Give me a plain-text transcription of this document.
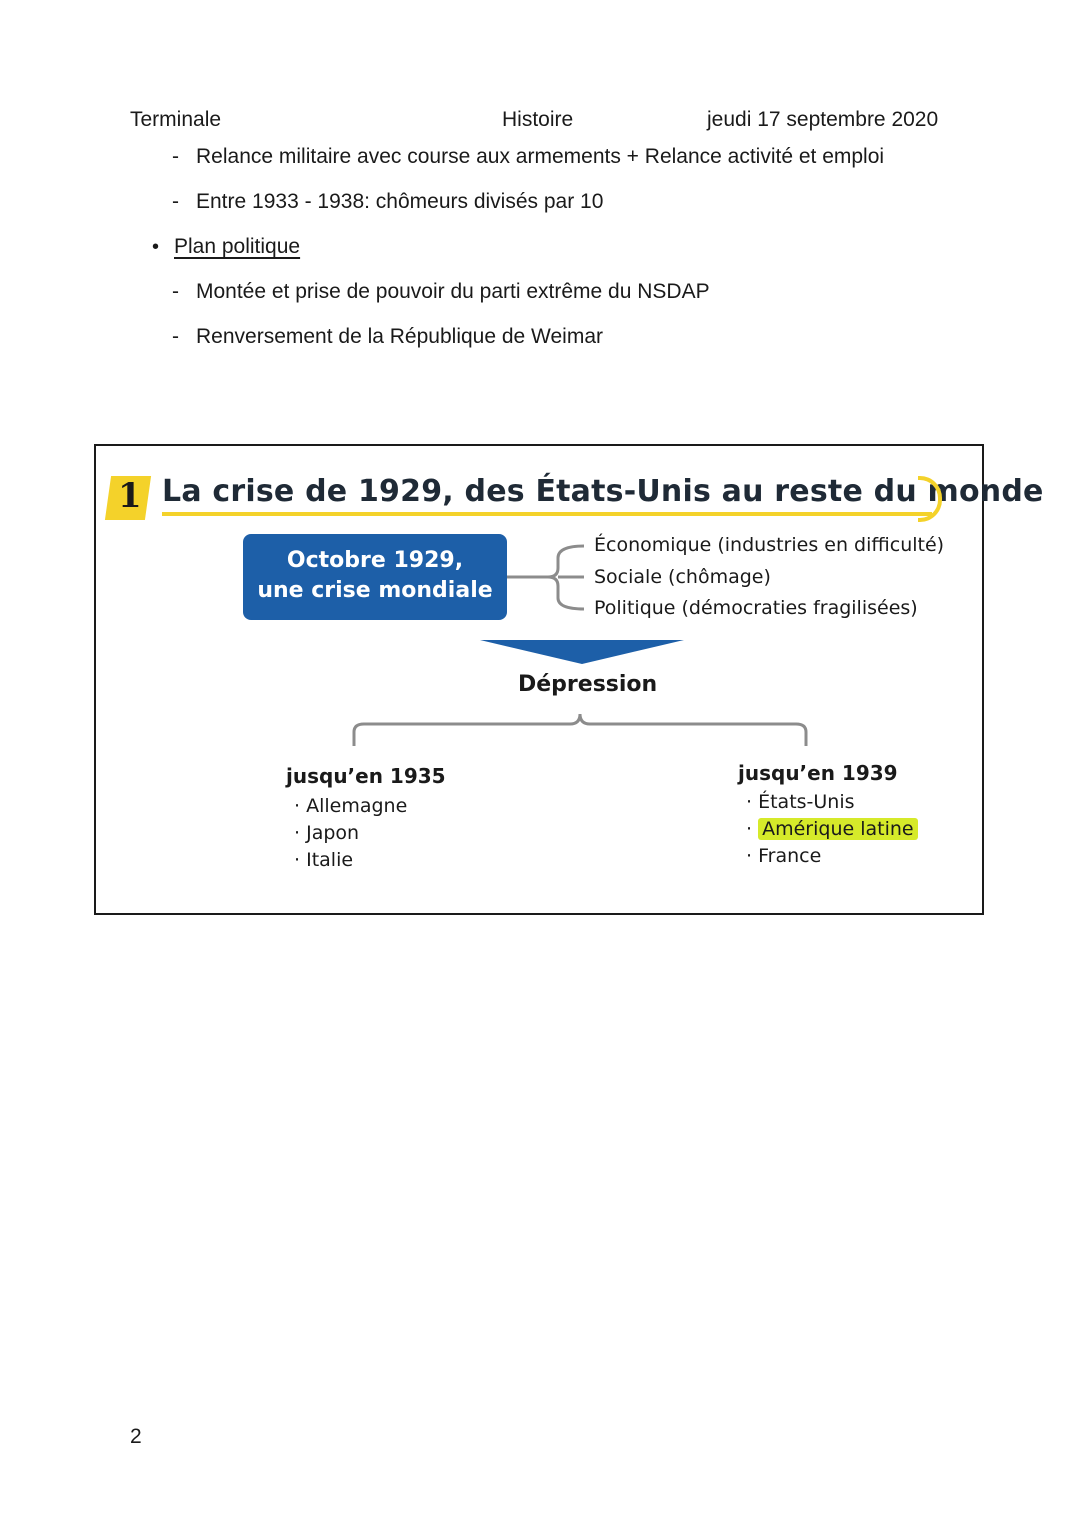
Terminale	Histoire	jeudi 17 septembre 2020
- Relance militaire avec course aux armements + Relance activité et emploi
- Entre 1933 - 1938: chômeurs divisés par 10
• Plan politique
- Montée et prise de pouvoir du parti extrême du NSDAP
- Renversement de la République de Weimar
1 La crise de 1929, des États-Unis au reste du monde
Octobre 1929,
une crise mondiale
Économique (industries en difficulté)
Sociale (chômage)
Politique (démocraties fragilisées)
Dépression
jusqu’en 1935
· Allemagne
· Japon
· Italie
jusqu’en 1939
· États-Unis
· Amérique latine
· France
2
